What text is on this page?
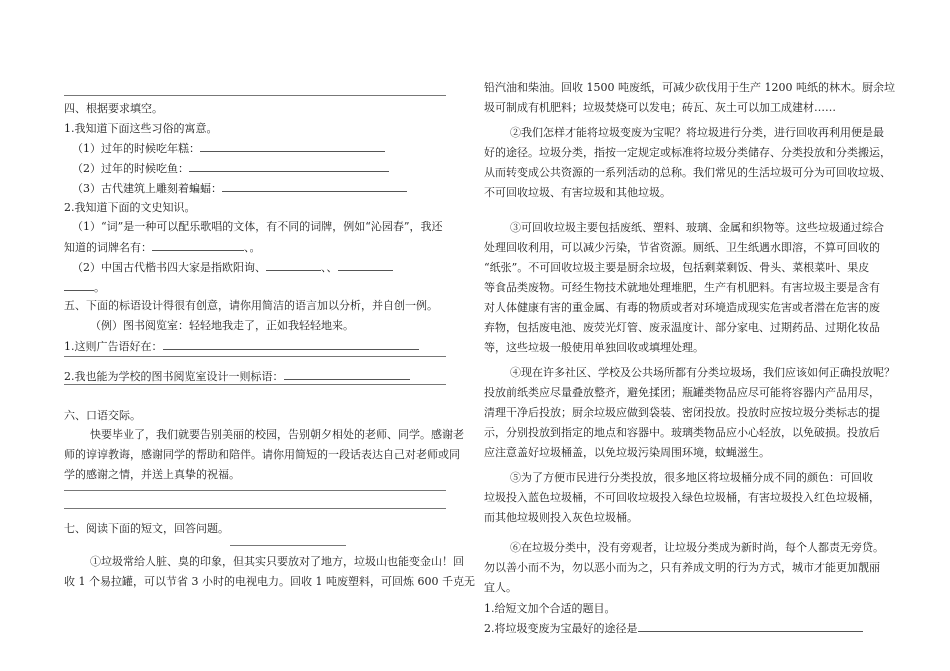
四、根据要求填空。
1.我知道下面这些习俗的寓意。
（1）过年的时候吃年糕：
（2）过年的时候吃鱼：
（3）古代建筑上雕刻着蝙蝠：
2.我知道下面的文史知识。
（1）“词”是一种可以配乐歌唱的文体，有不同的词牌，例如“沁园春”，我还
知道的词牌名有：	、。
（2）中国古代楷书四大家是指欧阳询、	、、
。
五、下面的标语设计得很有创意，请你用简洁的语言加以分析，并自创一例。
（例）图书阅览室：轻轻地我走了，正如我轻轻地来。
1.这则广告语好在：
2.我也能为学校的图书阅览室设计一则标语：
六、口语交际。
快要毕业了，我们就要告别美丽的校园，告别朝夕相处的老师、同学。感谢老
师的谆谆教诲，感谢同学的帮助和陪伴。请你用简短的一段话表达自己对老师或同
学的感谢之情，并送上真挚的祝福。
七、阅读下面的短文，回答问题。
①垃圾常给人脏、臭的印象，但其实只要放对了地方，垃圾山也能变金山！回
收 1 个易拉罐，可以节省 3 小时的电视电力。回收 1 吨废塑料，可回炼 600 千克无
铅汽油和柴油。回收 1500 吨废纸，可减少砍伐用于生产 1200 吨纸的林木。厨余垃
圾可制成有机肥料；垃圾焚烧可以发电；砖瓦、灰土可以加工成建材……
②我们怎样才能将垃圾变废为宝呢？将垃圾进行分类，进行回收再利用便是最
好的途径。垃圾分类，指按一定规定或标准将垃圾分类储存、分类投放和分类搬运，
从而转变成公共资源的一系列活动的总称。我们常见的生活垃圾可分为可回收垃圾、
不可回收垃圾、有害垃圾和其他垃圾。
③可回收垃圾主要包括废纸、塑料、玻璃、金属和织物等。这些垃圾通过综合
处理回收利用，可以减少污染，节省资源。厕纸、卫生纸遇水即溶，不算可回收的
“纸张”。不可回收垃圾主要是厨余垃圾，包括剩菜剩饭、骨头、菜根菜叶、果皮
等食品类废物。可经生物技术就地处理堆肥，生产有机肥料。有害垃圾主要是含有
对人体健康有害的重金属、有毒的物质或者对环境造成现实危害或者潜在危害的废
弃物，包括废电池、废荧光灯管、废汞温度计、部分家电、过期药品、过期化妆品
等，这些垃圾一般使用单独回收或填埋处理。
④现在许多社区、学校及公共场所都有分类垃圾场，我们应该如何正确投放呢？
投放前纸类应尽量叠放整齐，避免揉团；瓶罐类物品应尽可能将容器内产品用尽，
清理干净后投放；厨余垃圾应做到袋装、密闭投放。投放时应按垃圾分类标志的提
示，分别投放到指定的地点和容器中。玻璃类物品应小心轻放，以免破损。投放后
应注意盖好垃圾桶盖，以免垃圾污染周围环境，蚊蝇滋生。
⑤为了方便市民进行分类投放，很多地区将垃圾桶分成不同的颜色：可回收
垃圾投入蓝色垃圾桶，不可回收垃圾投入绿色垃圾桶，有害垃圾投入红色垃圾桶，
而其他垃圾则投入灰色垃圾桶。
⑥在垃圾分类中，没有旁观者，让垃圾分类成为新时尚，每个人都责无旁贷。
勿以善小而不为，勿以恶小而为之，只有养成文明的行为方式，城市才能更加靓丽
宜人。
1.给短文加个合适的题目。
2.将垃圾变废为宝最好的途径是
